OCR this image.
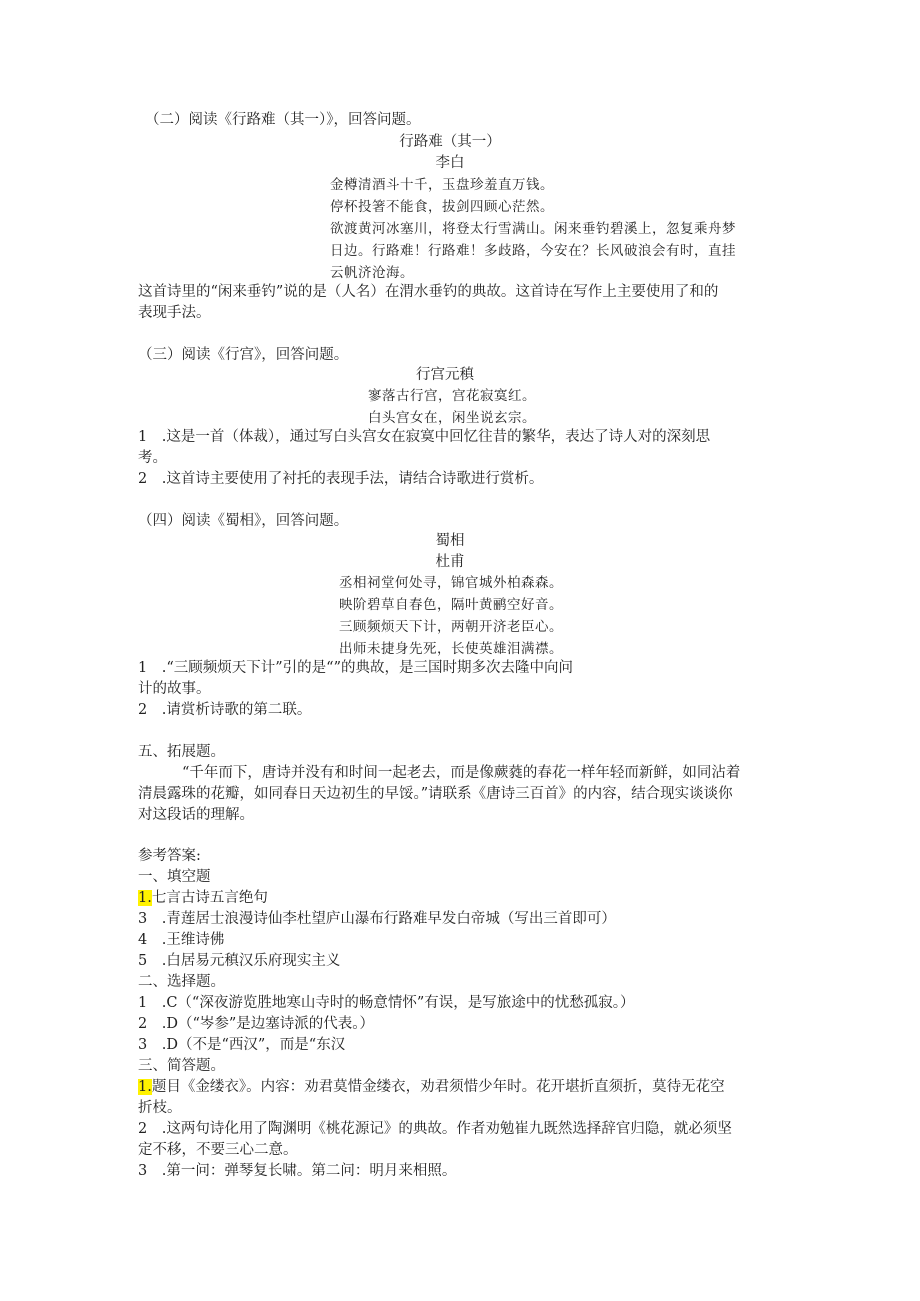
（二）阅读《行路难（其一）》，回答问题。
行路难（其一）
李白
金樽清酒斗十千，玉盘珍羞直万钱。
停杯投箸不能食，拔剑四顾心茫然。
欲渡黄河冰塞川，将登太行雪满山。闲来垂钓碧溪上，忽复乘舟梦
日边。行路难！行路难！多歧路，今安在？长风破浪会有时，直挂
云帆济沧海。
这首诗里的“闲来垂钓”说的是（人名）在渭水垂钓的典故。这首诗在写作上主要使用了和的
表现手法。
（三）阅读《行宫》，回答问题。
行宫元稹
寥落古行宫，宫花寂寞红。
白头宫女在，闲坐说玄宗。
1　.这是一首（体裁），通过写白头宫女在寂寞中回忆往昔的繁华，表达了诗人对的深刻思
考。
2　.这首诗主要使用了衬托的表现手法，请结合诗歌进行赏析。
（四）阅读《蜀相》，回答问题。
蜀相
杜甫
丞相祠堂何处寻，锦官城外柏森森。
映阶碧草自春色，隔叶黄鹂空好音。
三顾频烦天下计，两朝开济老臣心。
出师未捷身先死，长使英雄泪满襟。
1　.“三顾频烦天下计”引的是“”的典故，是三国时期多次去隆中向问
计的故事。
2　.请赏析诗歌的第二联。
五、拓展题。
“千年而下，唐诗并没有和时间一起老去，而是像蕨蕤的春花一样年轻而新鲜，如同沾着
清晨露珠的花瓣，如同春日天边初生的早馁。”请联系《唐诗三百首》的内容，结合现实谈谈你
对这段话的理解。
参考答案:
一、填空题
1.七言古诗五言绝句
3　.青莲居士浪漫诗仙李杜望庐山瀑布行路难早发白帝城（写出三首即可）
4　.王维诗佛
5　.白居易元稹汉乐府现实主义
二、选择题。
1　.C（“深夜游览胜地寒山寺时的畅意情怀”有误，是写旅途中的忧愁孤寂。）
2　.D（“岑参”是边塞诗派的代表。）
3　.D（不是“西汉”，而是“东汉
三、简答题。
1.题目《金缕衣》。内容：劝君莫惜金缕衣，劝君须惜少年时。花开堪折直须折，莫待无花空
折枝。
2　.这两句诗化用了陶渊明《桃花源记》的典故。作者劝勉崔九既然选择辞官归隐，就必须坚
定不移，不要三心二意。
3　.第一问：弹琴复长啸。第二问：明月来相照。
